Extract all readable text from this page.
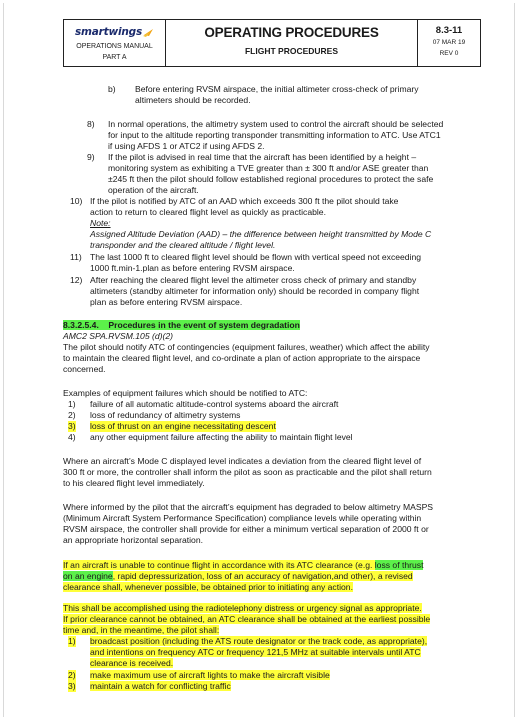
smartwings
OPERATIONS MANUAL
PART A
OPERATING PROCEDURES
FLIGHT PROCEDURES
8.3-11
07 MAR 19
REV 0
b) Before entering RVSM airspace, the initial altimeter cross-check of primary

altimeters should be recorded.

8) In normal operations, the altimetry system used to control the aircraft should be selected

for input to the altitude reporting transponder transmitting information to ATC. Use ATC1

if using AFDS 1 or ATC2 if using AFDS 2.

9) If the pilot is advised in real time that the aircraft has been identified by a height –

monitoring system as exhibiting a TVE greater than ± 300 ft and/or ASE greater than

±245 ft then the pilot should follow established regional procedures to protect the safe

operation of the aircraft.

10) If the pilot is notified by ATC of an AAD which exceeds 300 ft the pilot should take

action to return to cleared flight level as quickly as practicable.

Note:

Assigned Altitude Deviation (AAD) – the difference between height transmitted by Mode C

transponder and the cleared altitude / flight level.

11) The last 1000 ft to cleared flight level should be flown with vertical speed not exceeding

1000 ft.min-1.plan as before entering RVSM airspace.

12) After reaching the cleared flight level the altimeter cross check of primary and standby

altimeters (standby altimeter for information only) should be recorded in company flight

plan as before entering RVSM airspace.

8.3.2.5.4. Procedures in the event of system degradation

AMC2 SPA.RVSM.105 (d)(2)

The pilot should notify ATC of contingencies (equipment failures, weather) which affect the ability

to maintain the cleared flight level, and co-ordinate a plan of action appropriate to the airspace

concerned.

Examples of equipment failures which should be notified to ATC:

1) failure of all automatic altitude-control systems aboard the aircraft

2) loss of redundancy of altimetry systems

3) loss of thrust on an engine necessitating descent

4) any other equipment failure affecting the ability to maintain flight level

Where an aircraft’s Mode C displayed level indicates a deviation from the cleared flight level of

300 ft or more, the controller shall inform the pilot as soon as practicable and the pilot shall return

to his cleared flight level immediately.

Where informed by the pilot that the aircraft’s equipment has degraded to below altimetry MASPS

(Minimum Aircraft System Performance Specification) compliance levels while operating within

RVSM airspace, the controller shall provide for either a minimum vertical separation of 2000 ft or

an appropriate horizontal separation.

If an aircraft is unable to continue flight in accordance with its ATC clearance (e.g. loss of thrust

on an engine, rapid depressurization, loss of an accuracy of navigation,and other), a revised

clearance shall, whenever possible, be obtained prior to initiating any action.

This shall be accomplished using the radiotelephony distress or urgency signal as appropriate.

If prior clearance cannot be obtained, an ATC clearance shall be obtained at the earliest possible

time and, in the meantime, the pilot shall:

1) broadcast position (including the ATS route designator or the track code, as appropriate),

and intentions on frequency ATC or frequency 121,5 MHz at suitable intervals until ATC

clearance is received.

2) make maximum use of aircraft lights to make the aircraft visible

3) maintain a watch for conflicting traffic
